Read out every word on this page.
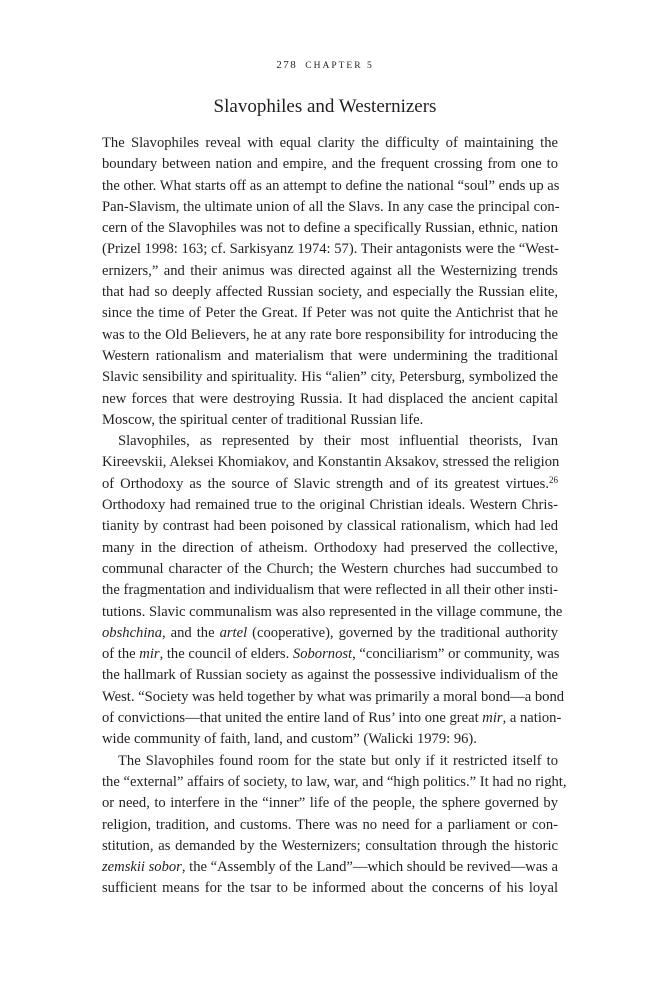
278 CHAPTER 5
Slavophiles and Westernizers
The Slavophiles reveal with equal clarity the difficulty of maintaining the
boundary between nation and empire, and the frequent crossing from one to
the other. What starts off as an attempt to define the national “soul” ends up as
Pan-Slavism, the ultimate union of all the Slavs. In any case the principal con-
cern of the Slavophiles was not to define a specifically Russian, ethnic, nation
(Prizel 1998: 163; cf. Sarkisyanz 1974: 57). Their antagonists were the “West-
ernizers,” and their animus was directed against all the Westernizing trends
that had so deeply affected Russian society, and especially the Russian elite,
since the time of Peter the Great. If Peter was not quite the Antichrist that he
was to the Old Believers, he at any rate bore responsibility for introducing the
Western rationalism and materialism that were undermining the traditional
Slavic sensibility and spirituality. His “alien” city, Petersburg, symbolized the
new forces that were destroying Russia. It had displaced the ancient capital
Moscow, the spiritual center of traditional Russian life.
Slavophiles, as represented by their most influential theorists, Ivan
Kireevskii, Aleksei Khomiakov, and Konstantin Aksakov, stressed the religion
of Orthodoxy as the source of Slavic strength and of its greatest virtues.$^{26}$
Orthodoxy had remained true to the original Christian ideals. Western Chris-
tianity by contrast had been poisoned by classical rationalism, which had led
many in the direction of atheism. Orthodoxy had preserved the collective,
communal character of the Church; the Western churches had succumbed to
the fragmentation and individualism that were reflected in all their other insti-
tutions. Slavic communalism was also represented in the village commune, the
obshchina, and the artel (cooperative), governed by the traditional authority
of the mir, the council of elders. Sobornost, “conciliarism” or community, was
the hallmark of Russian society as against the possessive individualism of the
West. “Society was held together by what was primarily a moral bond—a bond
of convictions—that united the entire land of Rus’ into one great mir, a nation-
wide community of faith, land, and custom” (Walicki 1979: 96).
The Slavophiles found room for the state but only if it restricted itself to
the “external” affairs of society, to law, war, and “high politics.” It had no right,
or need, to interfere in the “inner” life of the people, the sphere governed by
religion, tradition, and customs. There was no need for a parliament or con-
stitution, as demanded by the Westernizers; consultation through the historic
zemskii sobor, the “Assembly of the Land”—which should be revived—was a
sufficient means for the tsar to be informed about the concerns of his loyal
